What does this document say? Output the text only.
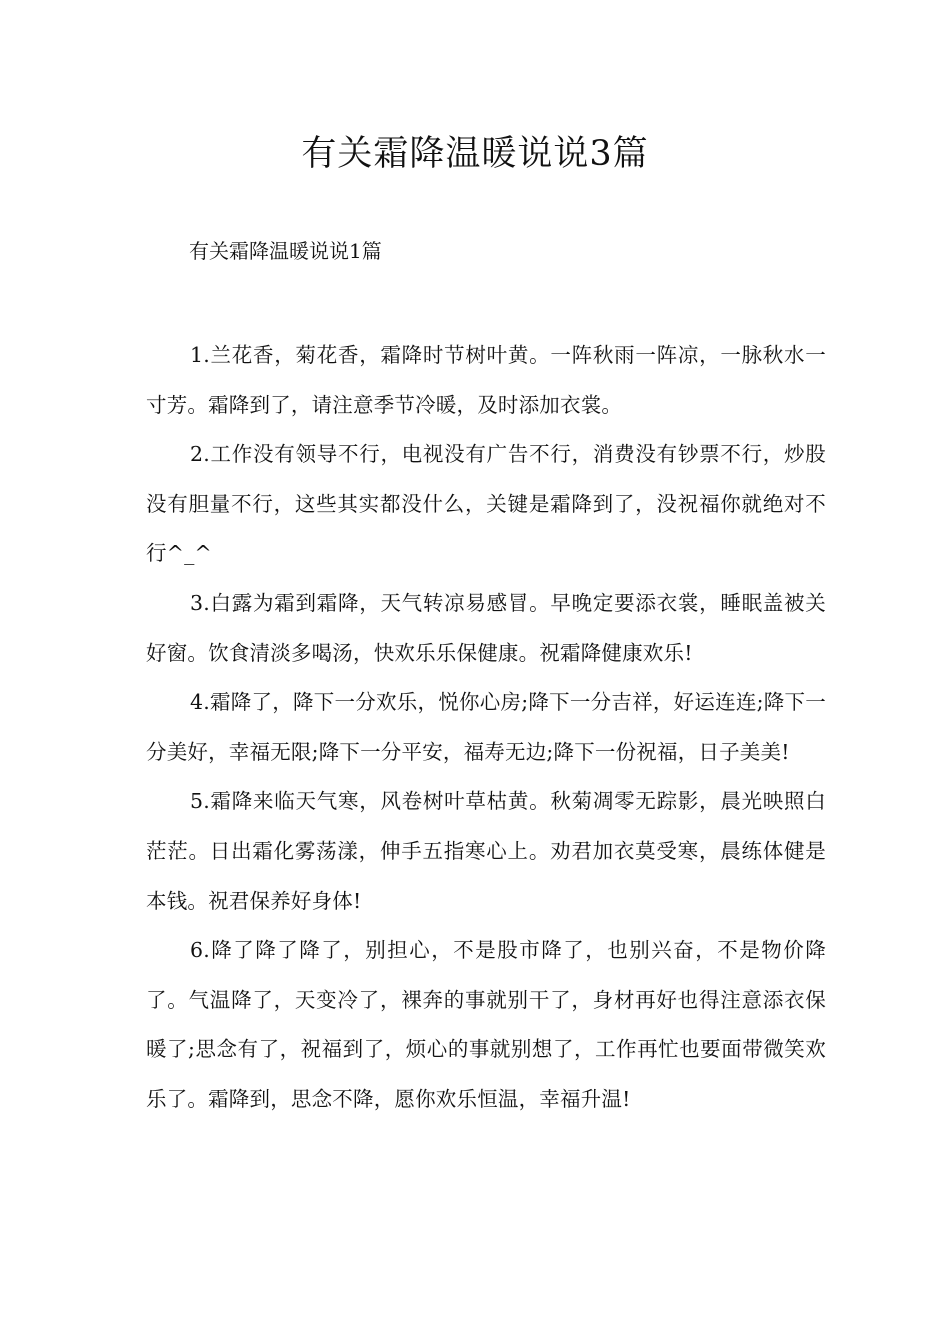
有关霜降温暖说说3篇
有关霜降温暖说说1篇

1.兰花香，菊花香，霜降时节树叶黄。一阵秋雨一阵凉，一脉秋水一寸芳。霜降到了，请注意季节冷暖，及时添加衣裳。

2.工作没有领导不行，电视没有广告不行，消费没有钞票不行，炒股没有胆量不行，这些其实都没什么，关键是霜降到了，没祝福你就绝对不行^_^

3.白露为霜到霜降，天气转凉易感冒。早晚定要添衣裳，睡眠盖被关好窗。饮食清淡多喝汤，快欢乐乐保健康。祝霜降健康欢乐!

4.霜降了，降下一分欢乐，悦你心房;降下一分吉祥，好运连连;降下一分美好，幸福无限;降下一分平安，福寿无边;降下一份祝福，日子美美!

5.霜降来临天气寒，风卷树叶草枯黄。秋菊凋零无踪影，晨光映照白茫茫。日出霜化雾荡漾，伸手五指寒心上。劝君加衣莫受寒，晨练体健是本钱。祝君保养好身体!

6.降了降了降了，别担心，不是股市降了，也别兴奋，不是物价降了。气温降了，天变冷了，裸奔的事就别干了，身材再好也得注意添衣保暖了;思念有了，祝福到了，烦心的事就别想了，工作再忙也要面带微笑欢乐了。霜降到，思念不降，愿你欢乐恒温，幸福升温!
